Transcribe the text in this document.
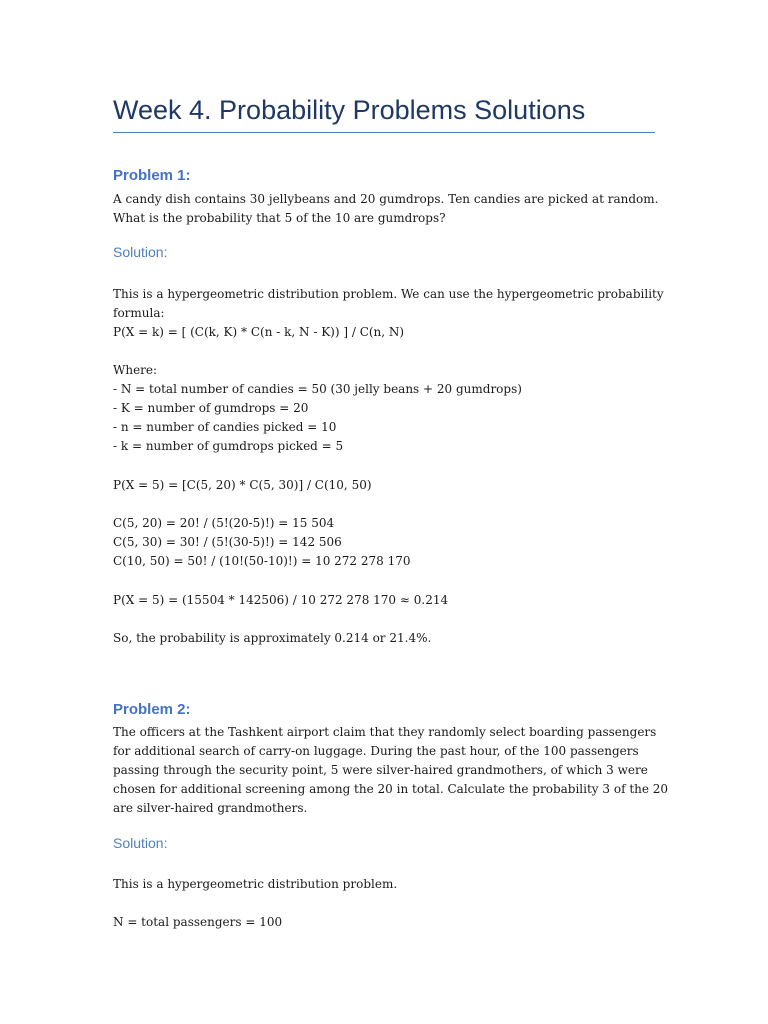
Week 4. Probability Problems Solutions
Problem 1:
A candy dish contains 30 jellybeans and 20 gumdrops. Ten candies are picked at random.
What is the probability that 5 of the 10 are gumdrops?
Solution:
This is a hypergeometric distribution problem. We can use the hypergeometric probability
formula:
P(X = k) = [ (C(k, K) * C(n - k, N - K)) ] / C(n, N)
Where:
- N = total number of candies = 50 (30 jelly beans + 20 gumdrops)
- K = number of gumdrops = 20
- n = number of candies picked = 10
- k = number of gumdrops picked = 5
P(X = 5) = [C(5, 20) * C(5, 30)] / C(10, 50)
C(5, 20) = 20! / (5!(20-5)!) = 15 504
C(5, 30) = 30! / (5!(30-5)!) = 142 506
C(10, 50) = 50! / (10!(50-10)!) = 10 272 278 170
P(X = 5) = (15504 * 142506) / 10 272 278 170 ≈ 0.214
So, the probability is approximately 0.214 or 21.4%.
Problem 2:
The officers at the Tashkent airport claim that they randomly select boarding passengers
for additional search of carry-on luggage. During the past hour, of the 100 passengers
passing through the security point, 5 were silver-haired grandmothers, of which 3 were
chosen for additional screening among the 20 in total. Calculate the probability 3 of the 20
are silver-haired grandmothers.
Solution:
This is a hypergeometric distribution problem.
N = total passengers = 100
